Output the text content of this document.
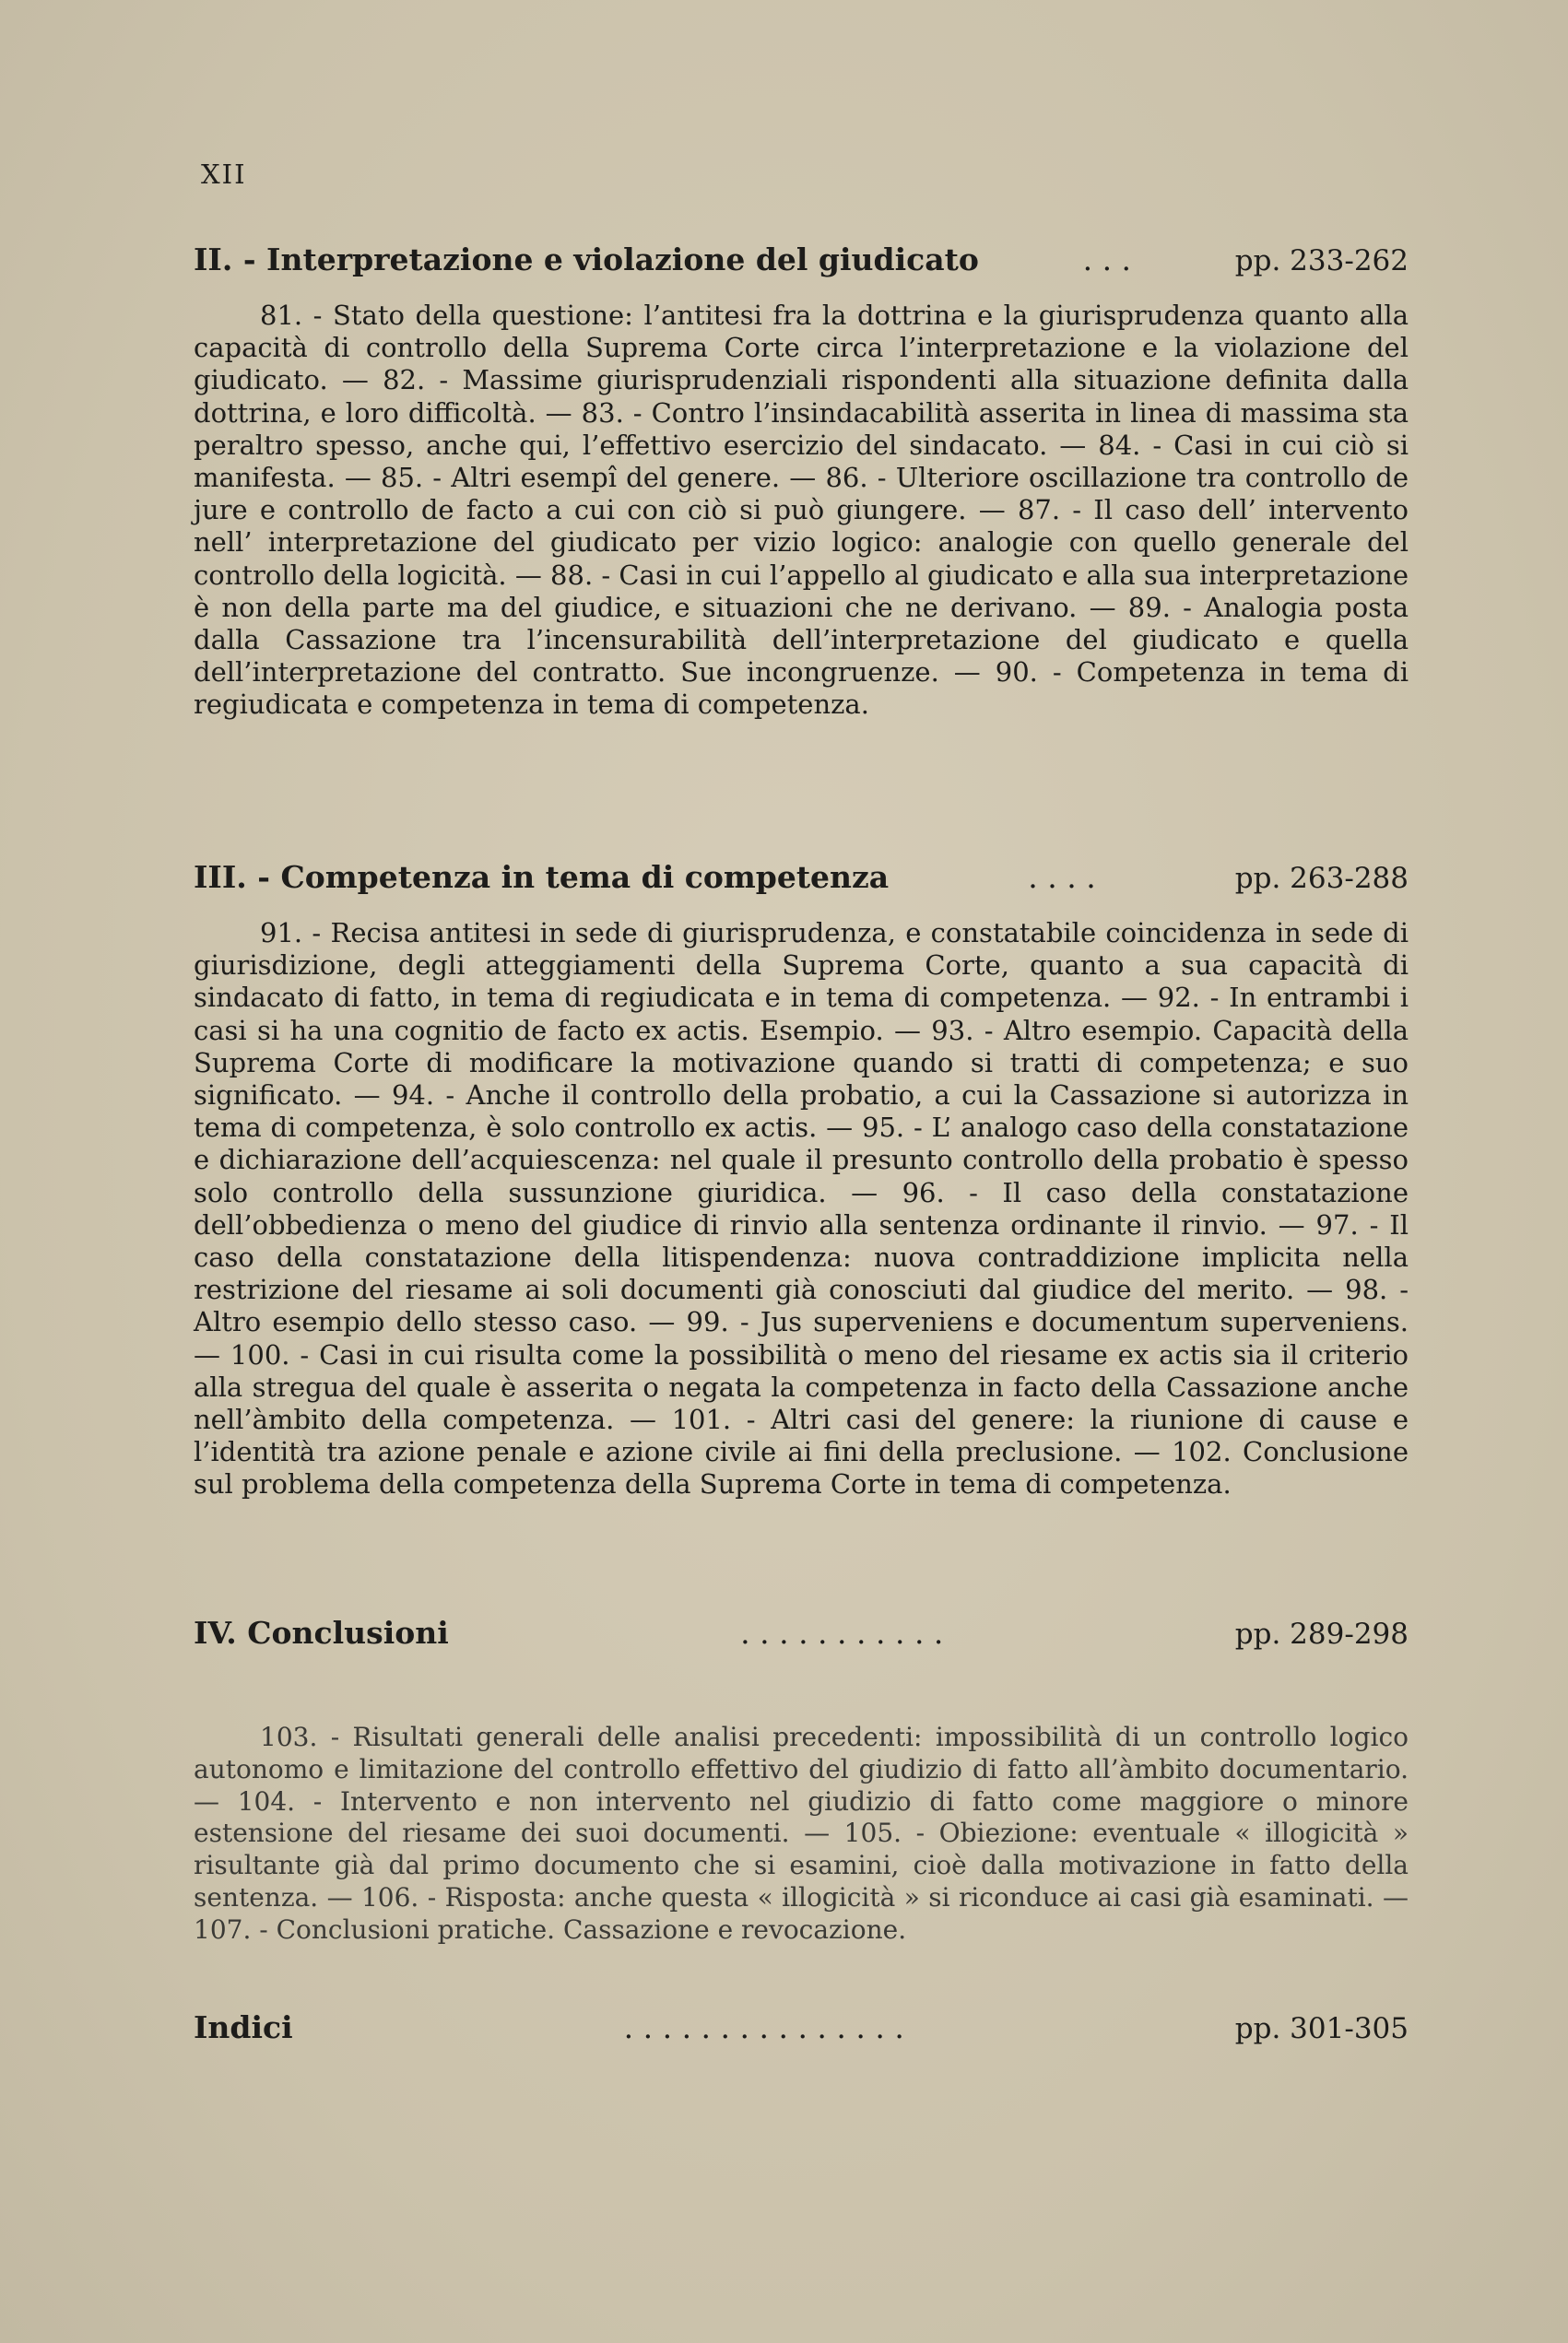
XII
II. - Interpretazione e violazione del giudicato	. . .	pp. 233-262

81. - Stato della questione: l’antitesi fra la dottrina e la giurisprudenza quanto alla capacità di controllo della Suprema Corte circa l’interpretazione e la violazione del giudicato. — 82. - Massime giurisprudenziali rispondenti alla situazione definita dalla dottrina, e loro difficoltà. — 83. - Contro l’insindacabilità asserita in linea di massima sta peraltro spesso, anche qui, l’effettivo esercizio del sindacato. — 84. - Casi in cui ciò si manifesta. — 85. - Altri esempî del genere. — 86. - Ulteriore oscillazione tra controllo de jure e controllo de facto a cui con ciò si può giungere. — 87. - Il caso dell’ intervento nell’ interpretazione del giudicato per vizio logico: analogie con quello generale del controllo della logicità. — 88. - Casi in cui l’appello al giudicato e alla sua interpretazione è non della parte ma del giudice, e situazioni che ne derivano. — 89. - Analogia posta dalla Cassazione tra l’incensurabilità dell’interpretazione del giudicato e quella dell’interpretazione del contratto. Sue incongruenze. — 90. - Competenza in tema di regiudicata e competenza in tema di competenza.

III. - Competenza in tema di competenza	. . . .	pp. 263-288

91. - Recisa antitesi in sede di giurisprudenza, e constatabile coincidenza in sede di giurisdizione, degli atteggiamenti della Suprema Corte, quanto a sua capacità di sindacato di fatto, in tema di regiudicata e in tema di competenza. — 92. - In entrambi i casi si ha una cognitio de facto ex actis. Esempio. — 93. - Altro esempio. Capacità della Suprema Corte di modificare la motivazione quando si tratti di competenza; e suo significato. — 94. - Anche il controllo della probatio, a cui la Cassazione si autorizza in tema di competenza, è solo controllo ex actis. — 95. - L’ analogo caso della constatazione e dichiarazione dell’acquiescenza: nel quale il presunto controllo della probatio è spesso solo controllo della sussunzione giuridica. — 96. - Il caso della constatazione dell’obbedienza o meno del giudice di rinvio alla sentenza ordinante il rinvio. — 97. - Il caso della constatazione della litispendenza: nuova contraddizione implicita nella restrizione del riesame ai soli documenti già conosciuti dal giudice del merito. — 98. - Altro esempio dello stesso caso. — 99. - Jus superveniens e documentum superveniens. — 100. - Casi in cui risulta come la possibilità o meno del riesame ex actis sia il criterio alla stregua del quale è asserita o negata la competenza in facto della Cassazione anche nell’àmbito della competenza. — 101. - Altri casi del genere: la riunione di cause e l’identità tra azione penale e azione civile ai fini della preclusione. — 102. Conclusione sul problema della competenza della Suprema Corte in tema di competenza.

IV. Conclusioni	. . . . . . . . . . .	pp. 289-298

103. - Risultati generali delle analisi precedenti: impossibilità di un controllo logico autonomo e limitazione del controllo effettivo del giudizio di fatto all’àmbito documentario. — 104. - Intervento e non intervento nel giudizio di fatto come maggiore o minore estensione del riesame dei suoi documenti. — 105. - Obiezione: eventuale « illogicità » risultante già dal primo documento che si esamini, cioè dalla motivazione in fatto della sentenza. — 106. - Risposta: anche questa « illogicità » si riconduce ai casi già esaminati. — 107. - Conclusioni pratiche. Cassazione e revocazione.

Indici	. . . . . . . . . . . . . . .	pp. 301-305
